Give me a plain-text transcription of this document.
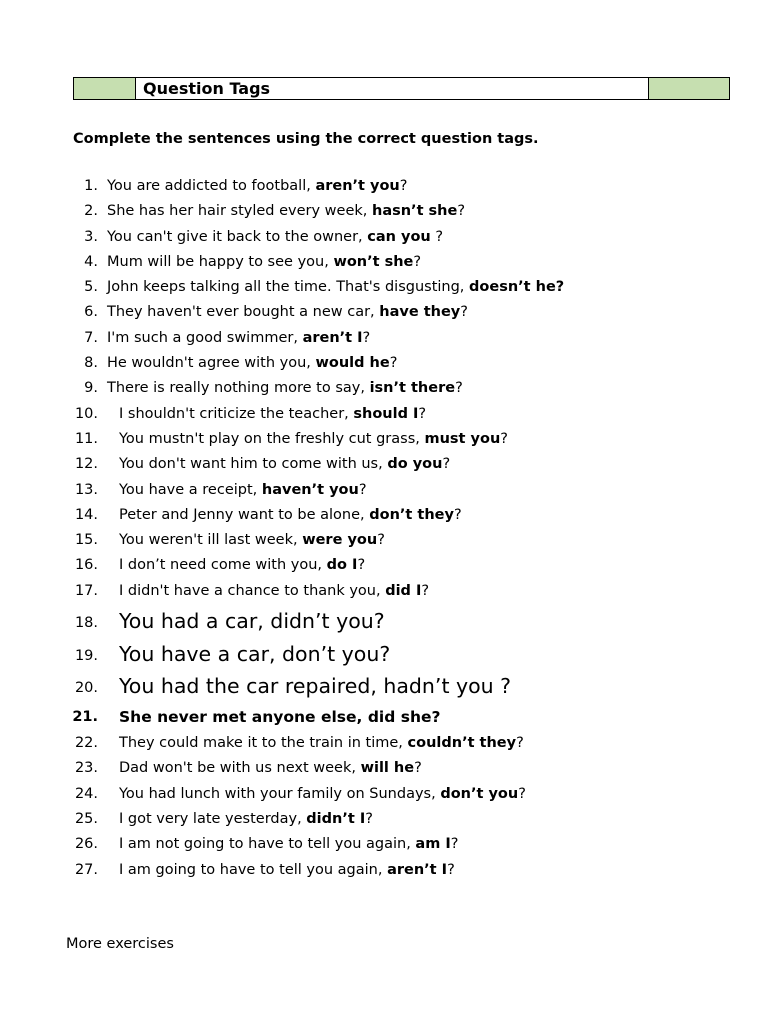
Question Tags
Complete the sentences using the correct question tags.
1. You are addicted to football, aren’t you?
2. She has her hair styled every week, hasn’t she?
3. You can't give it back to the owner, can you ?
4. Mum will be happy to see you, won’t she?
5. John keeps talking all the time. That's disgusting, doesn’t he?
6. They haven't ever bought a new car, have they?
7. I'm such a good swimmer, aren’t I?
8. He wouldn't agree with you, would he?
9. There is really nothing more to say, isn’t there?
10. I shouldn't criticize the teacher, should I?
11. You mustn't play on the freshly cut grass, must you?
12. You don't want him to come with us, do you?
13. You have a receipt, haven’t you?
14. Peter and Jenny want to be alone, don’t they?
15. You weren't ill last week, were you?
16. I don’t need come with you, do I?
17. I didn't have a chance to thank you, did I?
18. You had a car, didn’t you?
19. You have a car, don’t you?
20. You had the car repaired, hadn’t you ?
21. She never met anyone else, did she?
22. They could make it to the train in time, couldn’t they?
23. Dad won't be with us next week, will he?
24. You had lunch with your family on Sundays, don’t you?
25. I got very late yesterday, didn’t I?
26. I am not going to have to tell you again, am I?
27. I am going to have to tell you again, aren’t I?
More exercises
